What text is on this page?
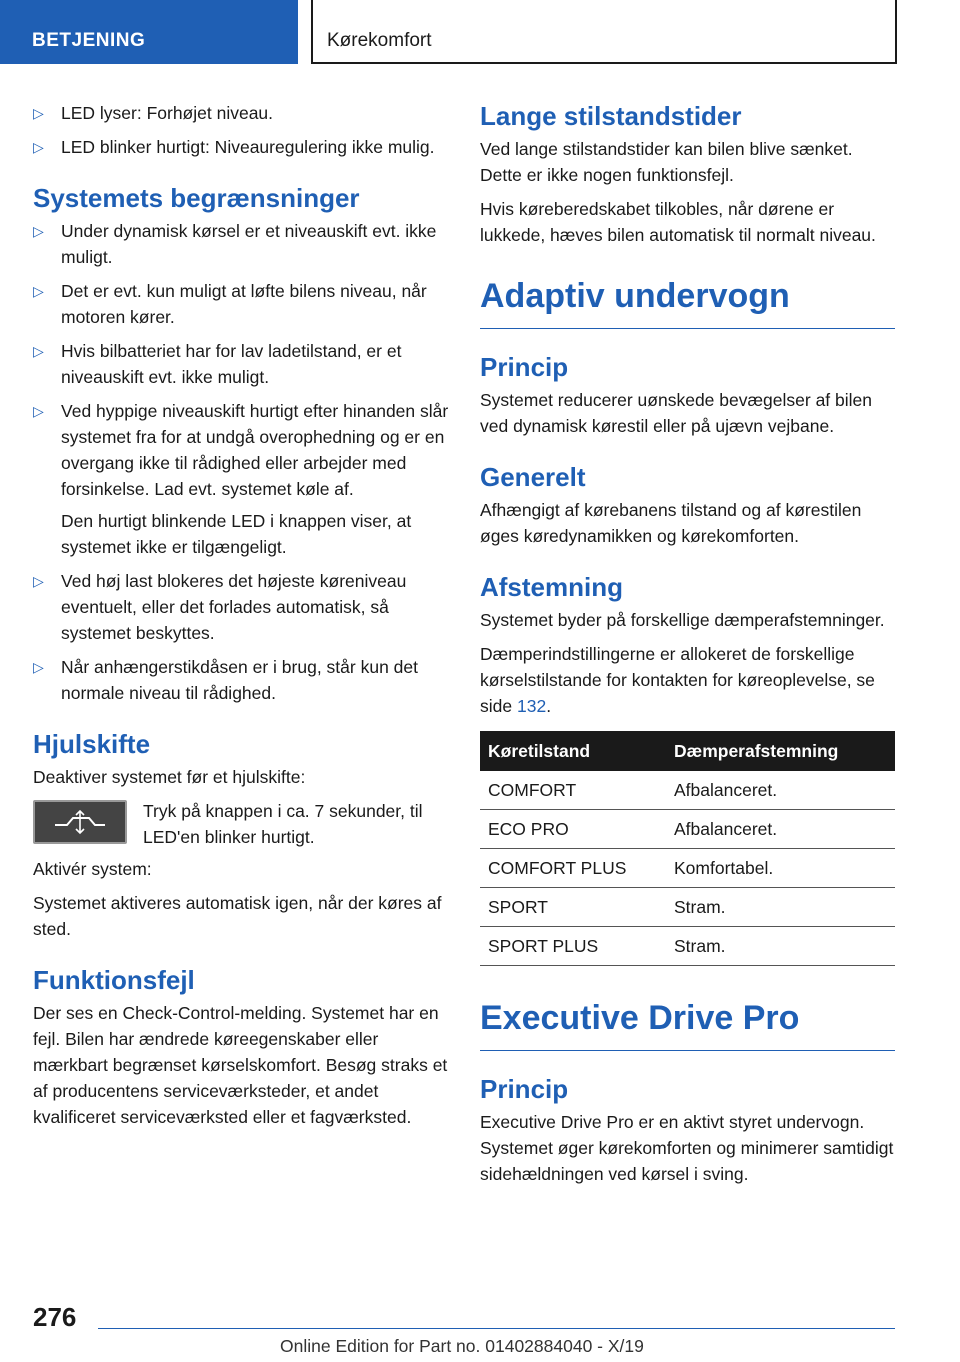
BETJENING	Kørekomfort
▷ LED lyser: Forhøjet niveau.
▷ LED blinker hurtigt: Niveauregulering ikke mulig.
Systemets begrænsninger
▷ Under dynamisk kørsel er et niveauskift evt. ikke muligt.
▷ Det er evt. kun muligt at løfte bilens niveau, når motoren kører.
▷ Hvis bilbatteriet har for lav ladetilstand, er et niveauskift evt. ikke muligt.
▷ Ved hyppige niveauskift hurtigt efter hinanden slår systemet fra for at undgå overophedning og er en overgang ikke til rådighed eller arbejder med forsinkelse. Lad evt. systemet køle af.

Den hurtigt blinkende LED i knappen viser, at systemet ikke er tilgængeligt.

▷ Ved høj last blokeres det højeste køreniveau eventuelt, eller det forlades automatisk, så systemet beskyttes.
▷ Når anhængerstikdåsen er i brug, står kun det normale niveau til rådighed.
Hjulskifte

Deaktiver systemet før et hjulskifte:

Tryk på knappen i ca. 7 sekunder, til LED'en blinker hurtigt.

Aktivér system:

Systemet aktiveres automatisk igen, når der køres af sted.

Funktionsfejl

Der ses en Check-Control-melding. Systemet har en fejl. Bilen har ændrede køreegenskaber eller mærkbart begrænset kørselskomfort. Besøg straks et af producentens serviceværksteder, et andet kvalificeret serviceværksted eller et fagværksted.

Lange stilstandstider

Ved lange stilstandstider kan bilen blive sænket. Dette er ikke nogen funktionsfejl.

Hvis køreberedskabet tilkobles, når dørene er lukkede, hæves bilen automatisk til normalt niveau.

Adaptiv undervogn
Princip

Systemet reducerer uønskede bevægelser af bilen ved dynamisk kørestil eller på ujævn vejbane.

Generelt

Afhængigt af kørebanens tilstand og af kørestilen øges køredynamikken og kørekomforten.

Afstemning

Systemet byder på forskellige dæmperafstemninger.

Dæmperindstillingerne er allokeret de forskellige kørselstilstande for kontakten for køreoplevelse, se side 132.

Køretilstand	Dæmperafstemning
COMFORT	Afbalanceret.
ECO PRO	Afbalanceret.
COMFORT PLUS	Komfortabel.
SPORT	Stram.
SPORT PLUS	Stram.
Executive Drive Pro
Princip

Executive Drive Pro er en aktivt styret undervogn. Systemet øger kørekomforten og minimerer samtidigt sidehældningen ved kørsel i sving.

276
Online Edition for Part no. 01402884040 - X/19
